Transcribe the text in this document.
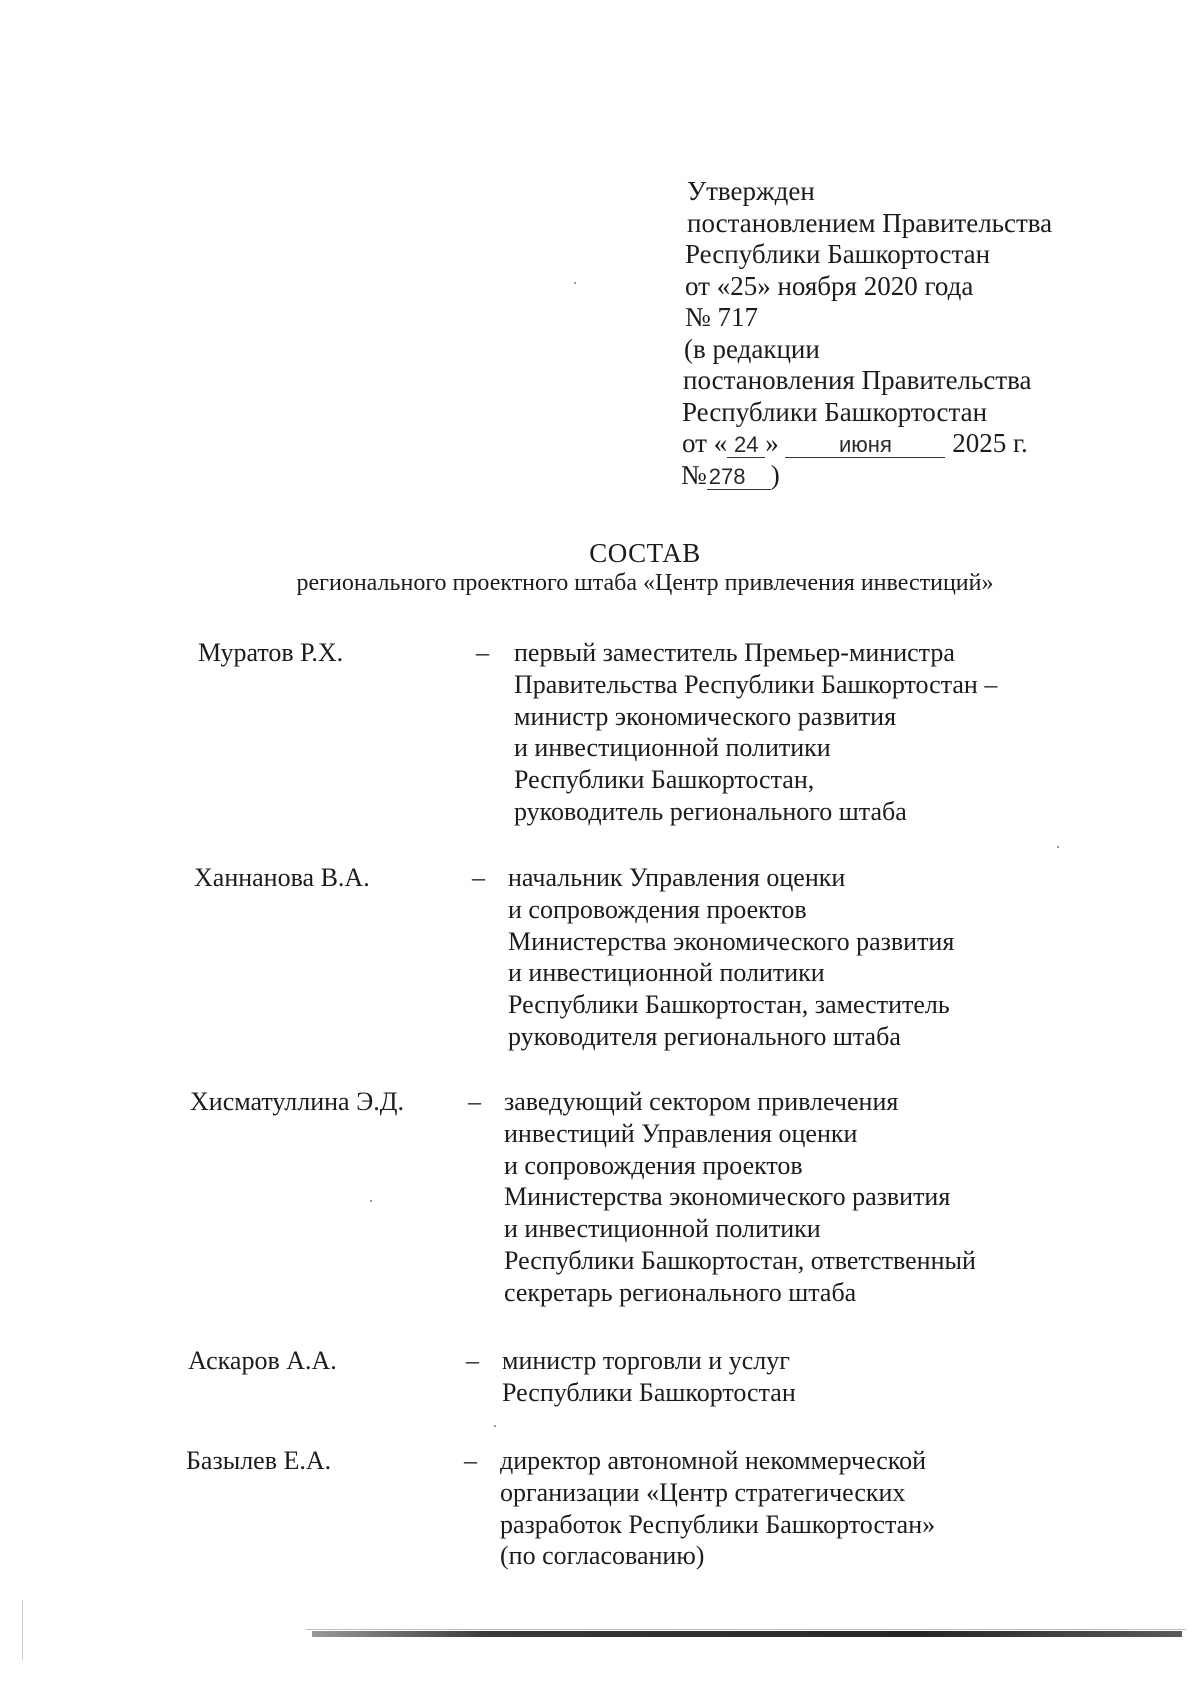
Утвержден
постановлением Правительства
Республики Башкортостан
от «25» ноября 2020 года
№ 717
(в редакции
постановления Правительства
Республики Башкортостан
от « 24 »	июня 2025 г.
№278 )
СОСТАВ
регионального проектного штаба «Центр привлечения инвестиций»
Муратов Р.Х.	– первый заместитель Премьер-министра
Правительства Республики Башкортостан –
министр экономического развития
и инвестиционной политики
Республики Башкортостан,
руководитель регионального штаба
Ханнанова В.А.	– начальник Управления оценки
и сопровождения проектов
Министерства экономического развития
и инвестиционной политики
Республики Башкортостан, заместитель
руководителя регионального штаба
Хисматуллина Э.Д. – заведующий сектором привлечения
инвестиций Управления оценки
и сопровождения проектов
Министерства экономического развития
и инвестиционной политики
Республики Башкортостан, ответственный
секретарь регионального штаба
Аскаров А.А.	– министр торговли и услуг
Республики Башкортостан
Базылев Е.А.	– директор автономной некоммерческой
организации «Центр стратегических
разработок Республики Башкортостан»
(по согласованию)
